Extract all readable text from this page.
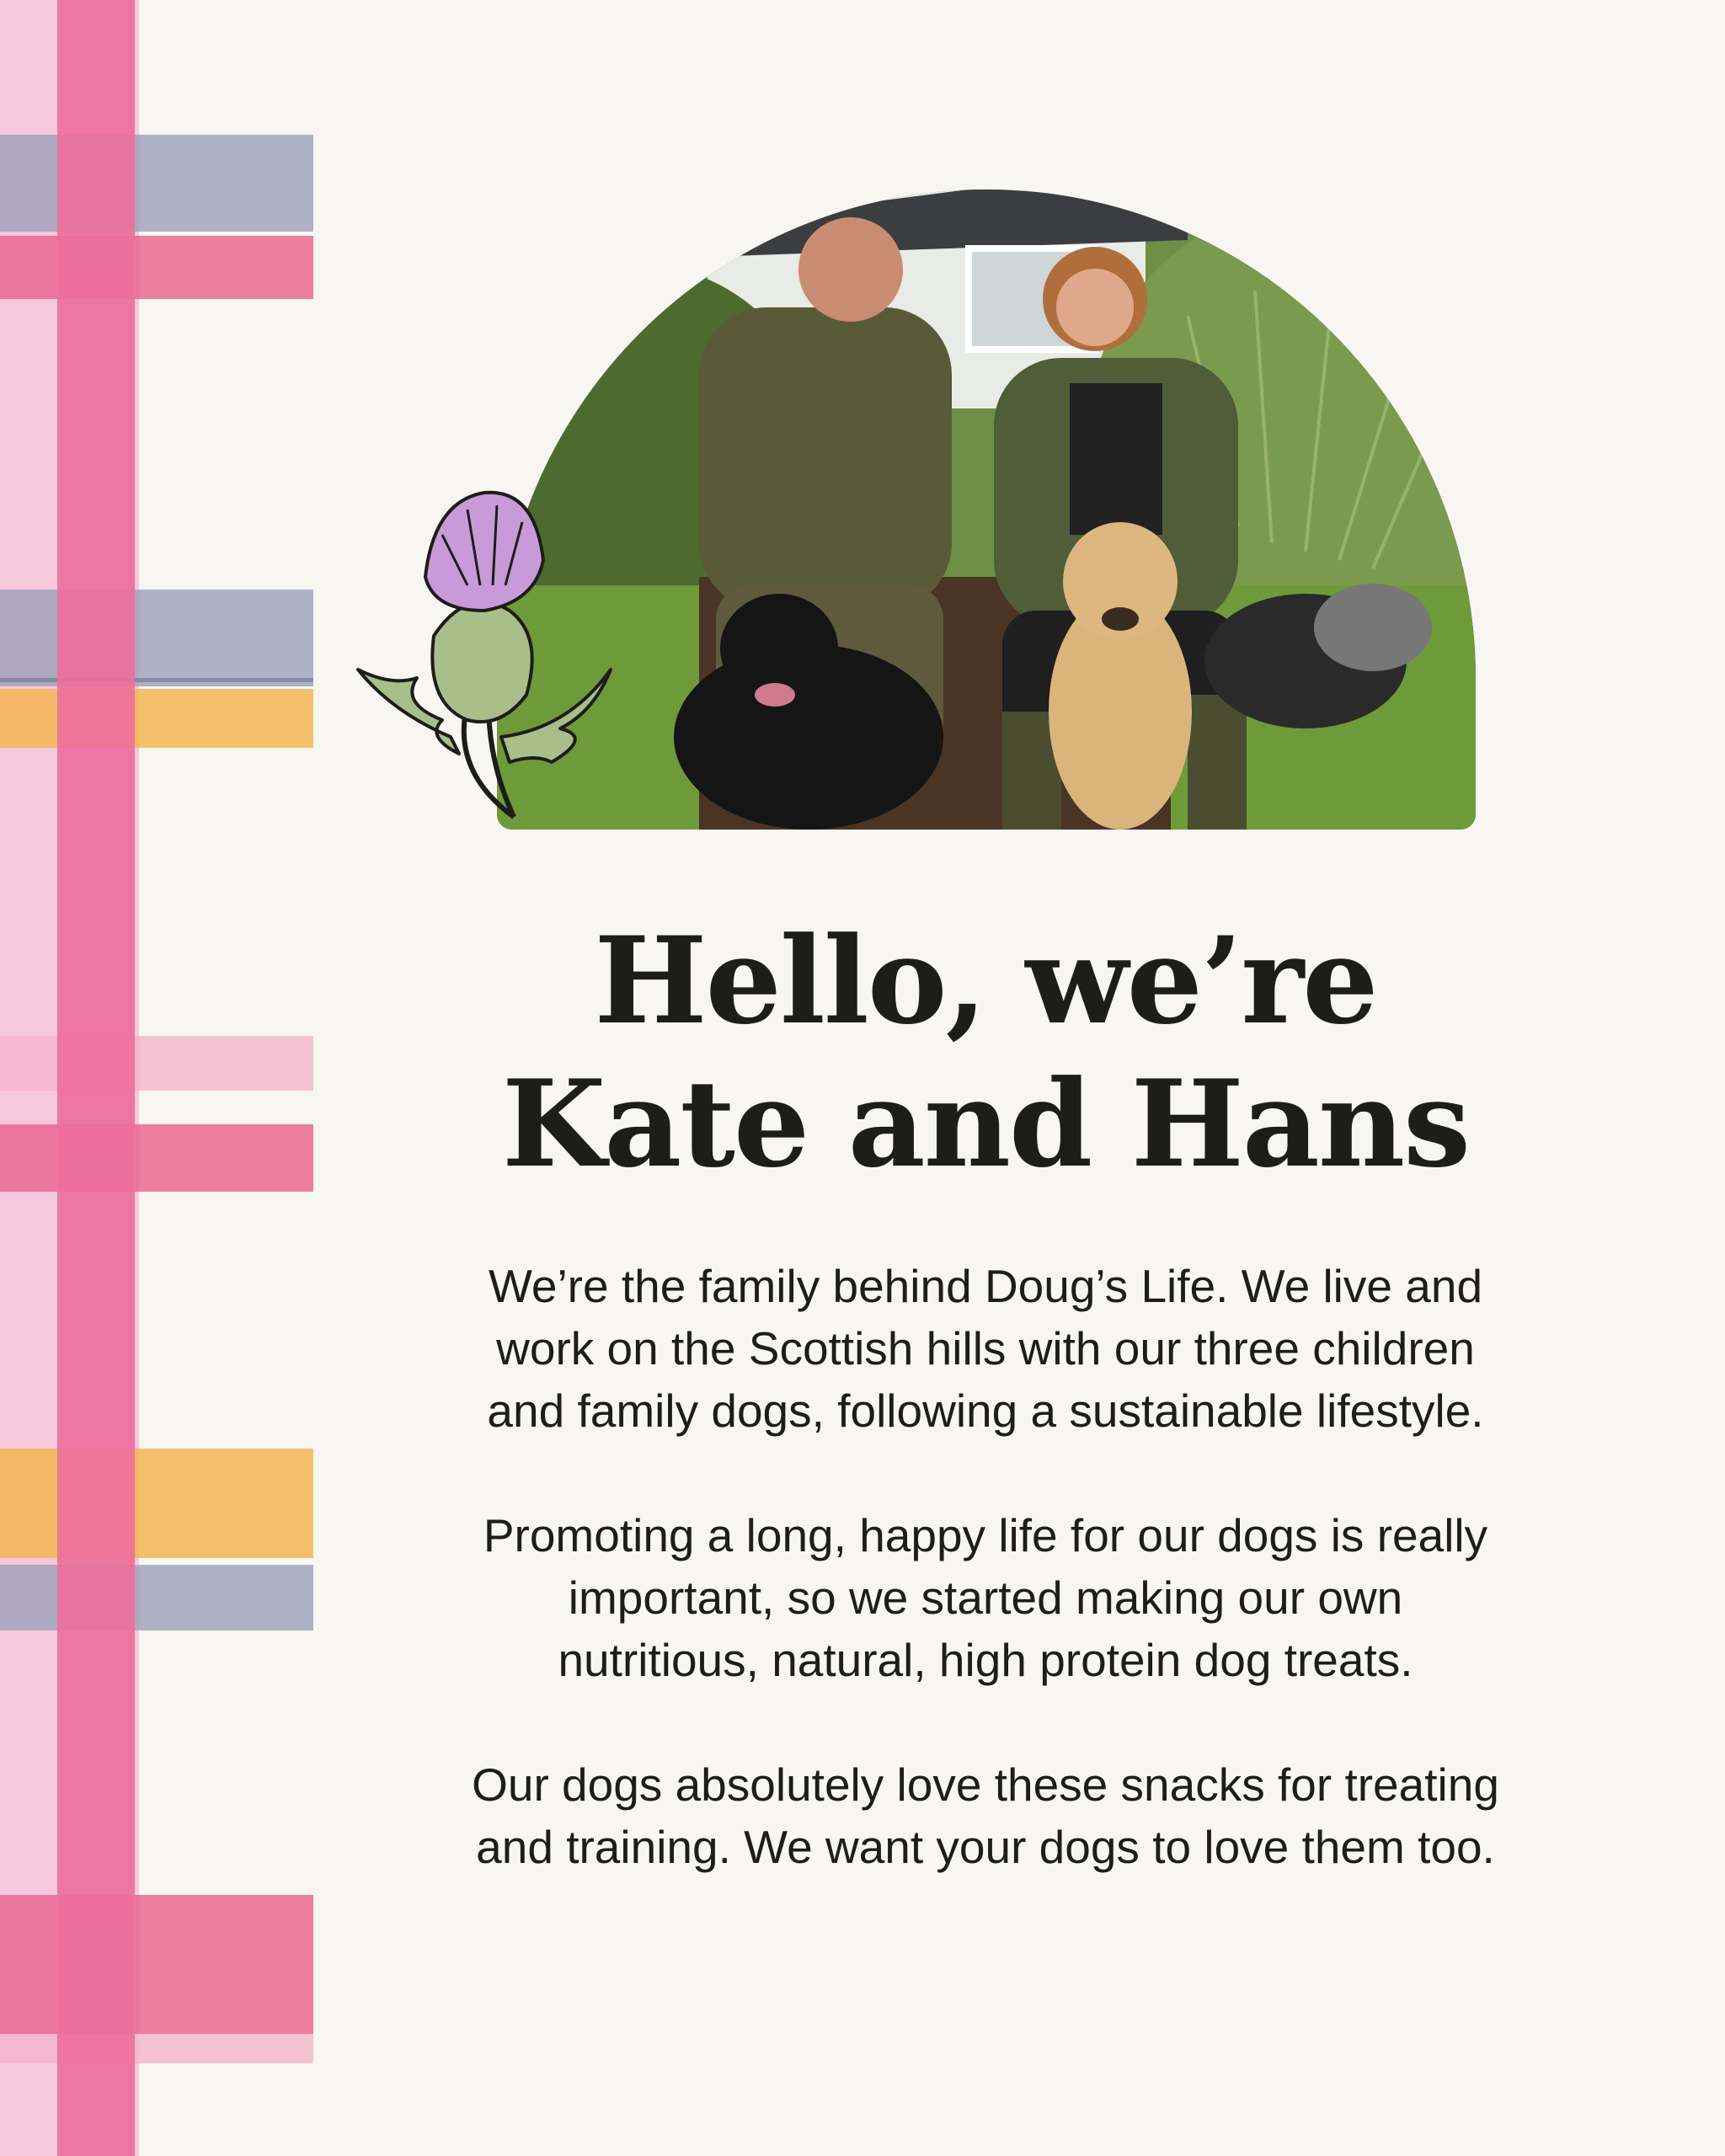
Hello, we’re
Kate and Hans

We’re the family behind Doug’s Life. We live and
work on the Scottish hills with our three children
and family dogs, following a sustainable lifestyle.

Promoting a long, happy life for our dogs is really
important, so we started making our own
nutritious, natural, high protein dog treats.

Our dogs absolutely love these snacks for treating
and training. We want your dogs to love them too.
